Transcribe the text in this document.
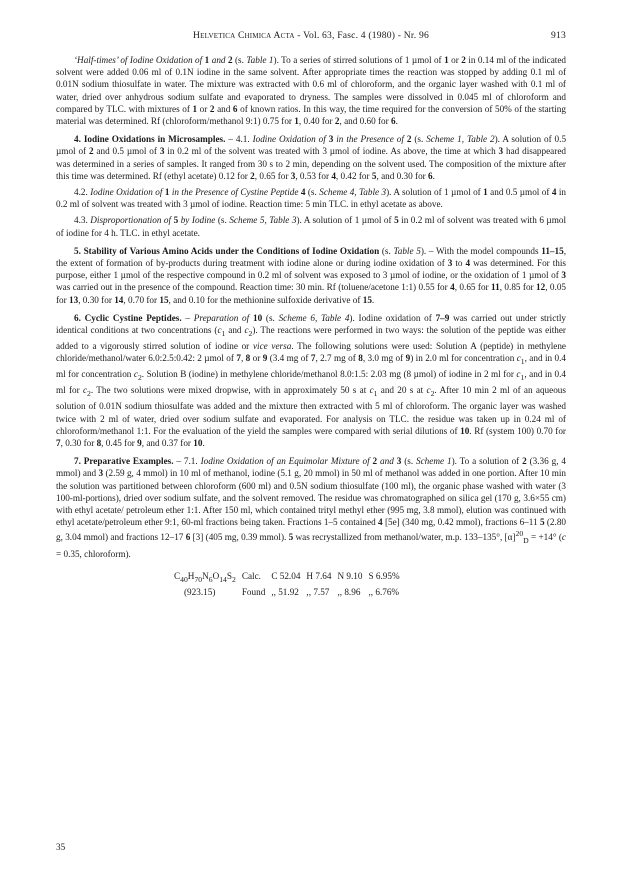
Helvetica Chimica Acta - Vol. 63, Fasc. 4 (1980) - Nr. 96	913

‘Half-times’ of Iodine Oxidation of 1 and 2 (s. Table 1). To a series of stirred solutions of 1 µmol of 1 or 2 in 0.14 ml of the indicated solvent were added 0.06 ml of 0.1N iodine in the same solvent. After appropriate times the reaction was stopped by adding 0.1 ml of 0.01N sodium thiosulfate in water. The mixture was extracted with 0.6 ml of chloroform, and the organic layer washed with 0.1 ml of water, dried over anhydrous sodium sulfate and evaporated to dryness. The samples were dissolved in 0.045 ml of chloroform and compared by TLC. with mixtures of 1 or 2 and 6 of known ratios. In this way, the time required for the conversion of 50% of the starting material was determined. Rf (chloroform/methanol 9:1) 0.75 for 1, 0.40 for 2, and 0.60 for 6.

4. Iodine Oxidations in Microsamples. – 4.1. Iodine Oxidation of 3 in the Presence of 2 (s. Scheme 1, Table 2). A solution of 0.5 µmol of 2 and 0.5 µmol of 3 in 0.2 ml of the solvent was treated with 3 µmol of iodine. As above, the time at which 3 had disappeared was determined in a series of samples. It ranged from 30 s to 2 min, depending on the solvent used. The composition of the mixture after this time was determined. Rf (ethyl acetate) 0.12 for 2, 0.65 for 3, 0.53 for 4, 0.42 for 5, and 0.30 for 6.

4.2. Iodine Oxidation of 1 in the Presence of Cystine Peptide 4 (s. Scheme 4, Table 3). A solution of 1 µmol of 1 and 0.5 µmol of 4 in 0.2 ml of solvent was treated with 3 µmol of iodine. Reaction time: 5 min TLC. in ethyl acetate as above.

4.3. Disproportionation of 5 by Iodine (s. Scheme 5, Table 3). A solution of 1 µmol of 5 in 0.2 ml of solvent was treated with 6 µmol of iodine for 4 h. TLC. in ethyl acetate.

5. Stability of Various Amino Acids under the Conditions of Iodine Oxidation (s. Table 5). – With the model compounds 11–15, the extent of formation of by-products during treatment with iodine alone or during iodine oxidation of 3 to 4 was determined. For this purpose, either 1 µmol of the respective compound in 0.2 ml of solvent was exposed to 3 µmol of iodine, or the oxidation of 1 µmol of 3 was carried out in the presence of the compound. Reaction time: 30 min. Rf (toluene/acetone 1:1) 0.55 for 4, 0.65 for 11, 0.85 for 12, 0.05 for 13, 0.30 for 14, 0.70 for 15, and 0.10 for the methionine sulfoxide derivative of 15.

6. Cyclic Cystine Peptides. – Preparation of 10 (s. Scheme 6, Table 4). Iodine oxidation of 7–9 was carried out under strictly identical conditions at two concentrations ($c_1$ and $c_2$). The reactions were performed in two ways: the solution of the peptide was either added to a vigorously stirred solution of iodine or vice versa. The following solutions were used: Solution A (peptide) in methylene chloride/methanol/water 6.0:2.5:0.42: 2 µmol of 7, 8 or 9 (3.4 mg of 7, 2.7 mg of 8, 3.0 mg of 9) in 2.0 ml for concentration $c_1$, and in 0.4 ml for concentration $c_2$. Solution B (iodine) in methylene chloride/methanol 8.0:1.5: 2.03 mg (8 µmol) of iodine in 2 ml for $c_1$, and in 0.4 ml for $c_2$. The two solutions were mixed dropwise, with in approximately 50 s at $c_1$ and 20 s at $c_2$. After 10 min 2 ml of an aqueous solution of 0.01N sodium thiosulfate was added and the mixture then extracted with 5 ml of chloroform. The organic layer was washed twice with 2 ml of water, dried over sodium sulfate and evaporated. For analysis on TLC. the residue was taken up in 0.24 ml of chloroform/methanol 1:1. For the evaluation of the yield the samples were compared with serial dilutions of 10. Rf (system 100) 0.70 for 7, 0.30 for 8, 0.45 for 9, and 0.37 for 10.

7. Preparative Examples. – 7.1. Iodine Oxidation of an Equimolar Mixture of 2 and 3 (s. Scheme 1). To a solution of 2 (3.36 g, 4 mmol) and 3 (2.59 g, 4 mmol) in 10 ml of methanol, iodine (5.1 g, 20 mmol) in 50 ml of methanol was added in one portion. After 10 min the solution was partitioned between chloroform (600 ml) and 0.5N sodium thiosulfate (100 ml), the organic phase washed with water (3 100-ml-portions), dried over sodium sulfate, and the solvent removed. The residue was chromatographed on silica gel (170 g, 3.6×55 cm) with ethyl acetate/ petroleum ether 1:1. After 150 ml, which contained trityl methyl ether (995 mg, 3.8 mmol), elution was continued with ethyl acetate/petroleum ether 9:1, 60-ml fractions being taken. Fractions 1–5 contained 4 [5e] (340 mg, 0.42 mmol), fractions 6–11 5 (2.80 g, 3.04 mmol) and fractions 12–17 6 [3] (405 mg, 0.39 mmol). 5 was recrystallized from methanol/water, m.p. 133–135°, $[\alpha]^{20}_D = +14^\circ$ (c = 0.35, chloroform).

$C_{40}H_{70}N_6O_{14}S_2$	Calc.	C 52.04	H 7.64	N 9.10	S 6.95%
(923.15)	Found	,, 51.92	,, 7.57	,, 8.96	,, 6.76%
35
